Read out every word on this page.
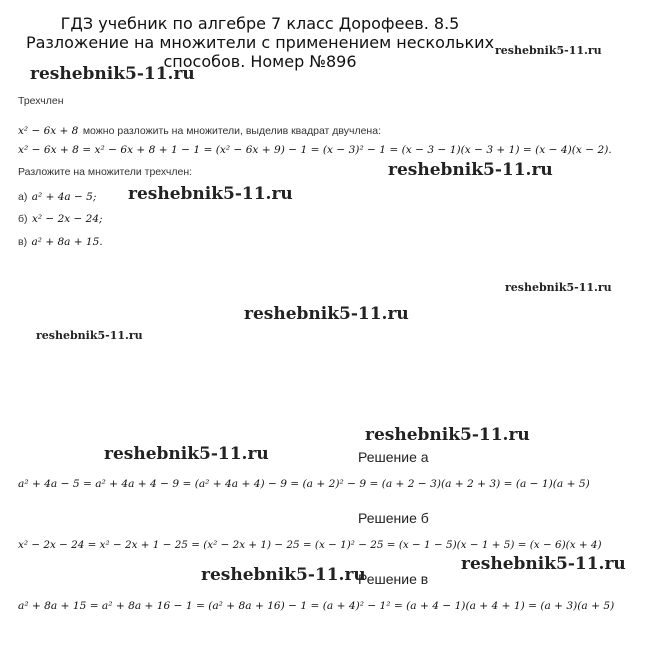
ГДЗ учебник по алгебре 7 класс Дорофеев. 8.5 Разложение на множители с применением нескольких способов. Номер №896
reshebnik5-11.ru
reshebnik5-11.ru
reshebnik5-11.ru
reshebnik5-11.ru
reshebnik5-11.ru
reshebnik5-11.ru
reshebnik5-11.ru
reshebnik5-11.ru
reshebnik5-11.ru
reshebnik5-11.ru
reshebnik5-11.ru
Трехчлен
x² − 6x + 8 можно разложить на множители, выделив квадрат двучлена:
x² − 6x + 8 = x² − 6x + 8 + 1 − 1 = (x² − 6x + 9) − 1 = (x − 3)² − 1 = (x − 3 − 1)(x − 3 + 1) = (x − 4)(x − 2).
Разложите на множители трехчлен:
а) a² + 4a − 5;
б) x² − 2x − 24;
в) a² + 8a + 15.
Решение а
a² + 4a − 5 = a² + 4a + 4 − 9 = (a² + 4a + 4) − 9 = (a + 2)² − 9 = (a + 2 − 3)(a + 2 + 3) = (a − 1)(a + 5)
Решение б
x² − 2x − 24 = x² − 2x + 1 − 25 = (x² − 2x + 1) − 25 = (x − 1)² − 25 = (x − 1 − 5)(x − 1 + 5) = (x − 6)(x + 4)
Решение в
a² + 8a + 15 = a² + 8a + 16 − 1 = (a² + 8a + 16) − 1 = (a + 4)² − 1² = (a + 4 − 1)(a + 4 + 1) = (a + 3)(a + 5)
